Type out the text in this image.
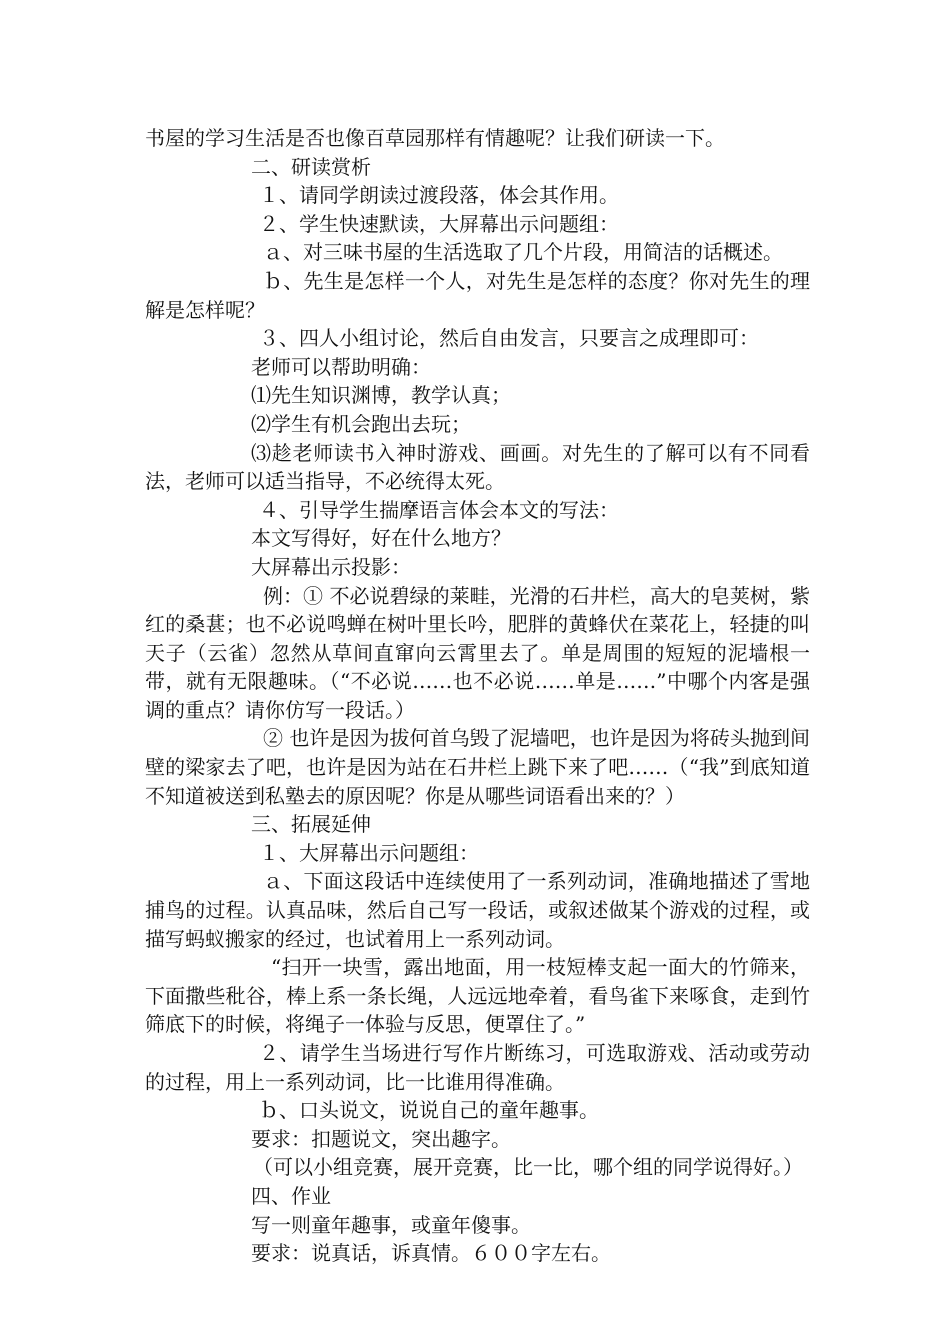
书屋的学习生活是否也像百草园那样有情趣呢？让我们研读一下。

二、研读赏析

１、请同学朗读过渡段落，体会其作用。

２、学生快速默读，大屏幕出示问题组：

ａ、对三味书屋的生活选取了几个片段，用简洁的话概述。

ｂ、先生是怎样一个人，对先生是怎样的态度？你对先生的理解是怎样呢？

３、四人小组讨论，然后自由发言，只要言之成理即可：

老师可以帮助明确：

⑴先生知识渊博，教学认真；

⑵学生有机会跑出去玩；

⑶趁老师读书入神时游戏、画画。对先生的了解可以有不同看法，老师可以适当指导，不必统得太死。

４、引导学生揣摩语言体会本文的写法：

本文写得好，好在什么地方？

大屏幕出示投影：

例：① 不必说碧绿的莱畦，光滑的石井栏，高大的皂荚树，紫红的桑葚；也不必说鸣蝉在树叶里长吟，肥胖的黄蜂伏在菜花上，轻捷的叫天子（云雀）忽然从草间直窜向云霄里去了。单是周围的短短的泥墙根一带，就有无限趣味。（“不必说……也不必说……单是……”中哪个内客是强调的重点？请你仿写一段话。）

② 也许是因为拔何首乌毁了泥墙吧，也许是因为将砖头抛到间壁的梁家去了吧，也许是因为站在石井栏上跳下来了吧……（“我”到底知道不知道被送到私塾去的原因呢？你是从哪些词语看出来的？）

三、拓展延伸

１、大屏幕出示问题组：

ａ、下面这段话中连续使用了一系列动词，准确地描述了雪地捕鸟的过程。认真品味，然后自己写一段话，或叙述做某个游戏的过程，或描写蚂蚁搬家的经过，也试着用上一系列动词。

“扫开一块雪，露出地面，用一枝短棒支起一面大的竹筛来，下面撒些秕谷，棒上系一条长绳，人远远地牵着，看鸟雀下来啄食，走到竹筛底下的时候，将绳子一体验与反思，便罩住了。”

２、请学生当场进行写作片断练习，可选取游戏、活动或劳动的过程，用上一系列动词，比一比谁用得准确。

ｂ、口头说文，说说自己的童年趣事。

要求：扣题说文，突出趣字。

（可以小组竞赛，展开竞赛，比一比，哪个组的同学说得好。）

四、作业

写一则童年趣事，或童年傻事。

要求：说真话，诉真情。６００字左右。
